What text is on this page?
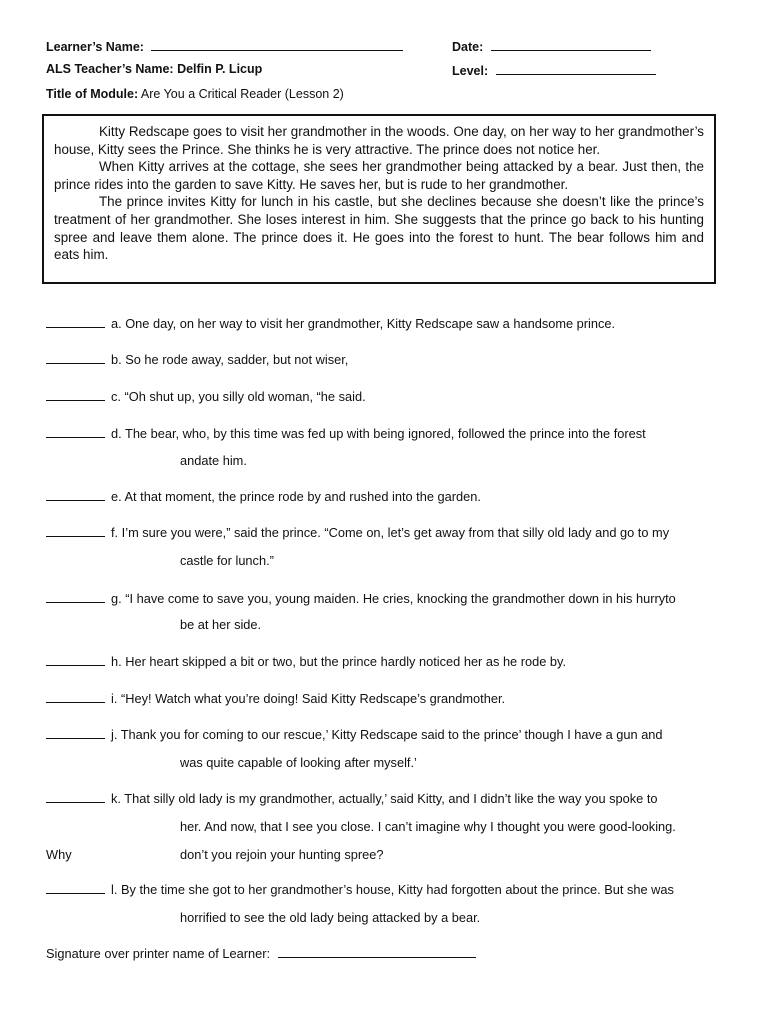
Learner’s Name:	Date:
ALS Teacher’s Name: Delfin P. Licup	Level:
Title of Module: Are You a Critical Reader (Lesson 2)

Kitty Redscape goes to visit her grandmother in the woods. One day, on her way to her grandmother’s house, Kitty sees the Prince. She thinks he is very attractive. The prince does not notice her.

When Kitty arrives at the cottage, she sees her grandmother being attacked by a bear. Just then, the prince rides into the garden to save Kitty. He saves her, but is rude to her grandmother.

The prince invites Kitty for lunch in his castle, but she declines because she doesn’t like the prince’s treatment of her grandmother. She loses interest in him. She suggests that the prince go back to his hunting spree and leave them alone. The prince does it. He goes into the forest to hunt. The bear follows him and eats him.

a. One day, on her way to visit her grandmother, Kitty Redscape saw a handsome prince.
b. So he rode away, sadder, but not wiser,
c. “Oh shut up, you silly old woman, “he said.
d. The bear, who, by this time was fed up with being ignored, followed the prince into the forest
andate him.
e. At that moment, the prince rode by and rushed into the garden.
f. I’m sure you were,” said the prince. “Come on, let’s get away from that silly old lady and go to my
castle for lunch.”
g. “I have come to save you, young maiden. He cries, knocking the grandmother down in his hurryto
be at her side.
h. Her heart skipped a bit or two, but the prince hardly noticed her as he rode by.
i. “Hey! Watch what you’re doing! Said Kitty Redscape’s grandmother.
j. Thank you for coming to our rescue,’ Kitty Redscape said to the prince’ though I have a gun and
was quite capable of looking after myself.’
k. That silly old lady is my grandmother, actually,’ said Kitty, and I didn’t like the way you spoke to
her. And now, that I see you close. I can’t imagine why I thought you were good-looking.
Why	don’t you rejoin your hunting spree?
l. By the time she got to her grandmother’s house, Kitty had forgotten about the prince. But she was
horrified to see the old lady being attacked by a bear.
Signature over printer name of Learner:
